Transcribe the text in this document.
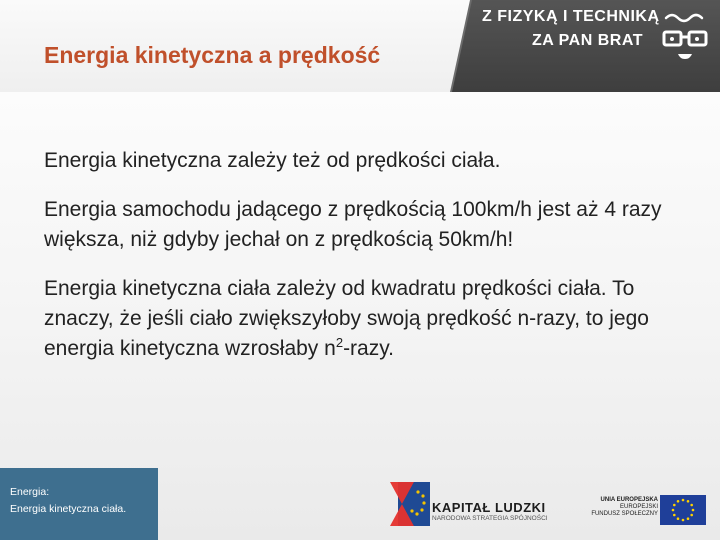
Energia kinetyczna a prędkość
Z FIZYKĄ I TECHNIKĄ
ZA PAN BRAT

Energia kinetyczna zależy też od prędkości ciała.

Energia samochodu jadącego z prędkością 100km/h jest aż 4 razy większa, niż gdyby jechał on z prędkością 50km/h!

Energia kinetyczna ciała zależy od kwadratu prędkości ciała. To znaczy, że jeśli ciało zwiększyłoby swoją prędkość n-razy, to jego energia kinetyczna wzrosłaby $n^2$-razy.

Energia:
Energia kinetyczna ciała.	KAPITAŁ LUDZKI
NARODOWA STRATEGIA SPÓJNOŚCI
UNIA EUROPEJSKA
EUROPEJSKI
FUNDUSZ SPOŁECZNY
